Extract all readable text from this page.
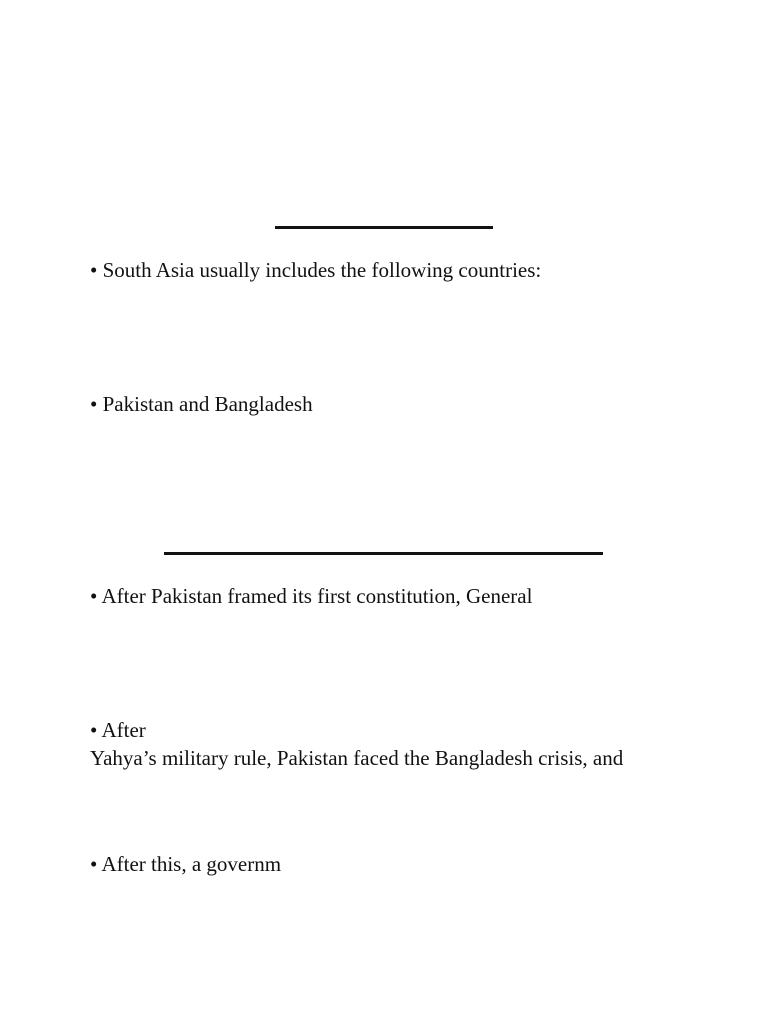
• South Asia usually includes the following countries:
• Pakistan and Bangladesh
• After Pakistan framed its first constitution, General
• After
Yahya’s military rule, Pakistan faced the Bangladesh crisis, and
• After this, a governm
